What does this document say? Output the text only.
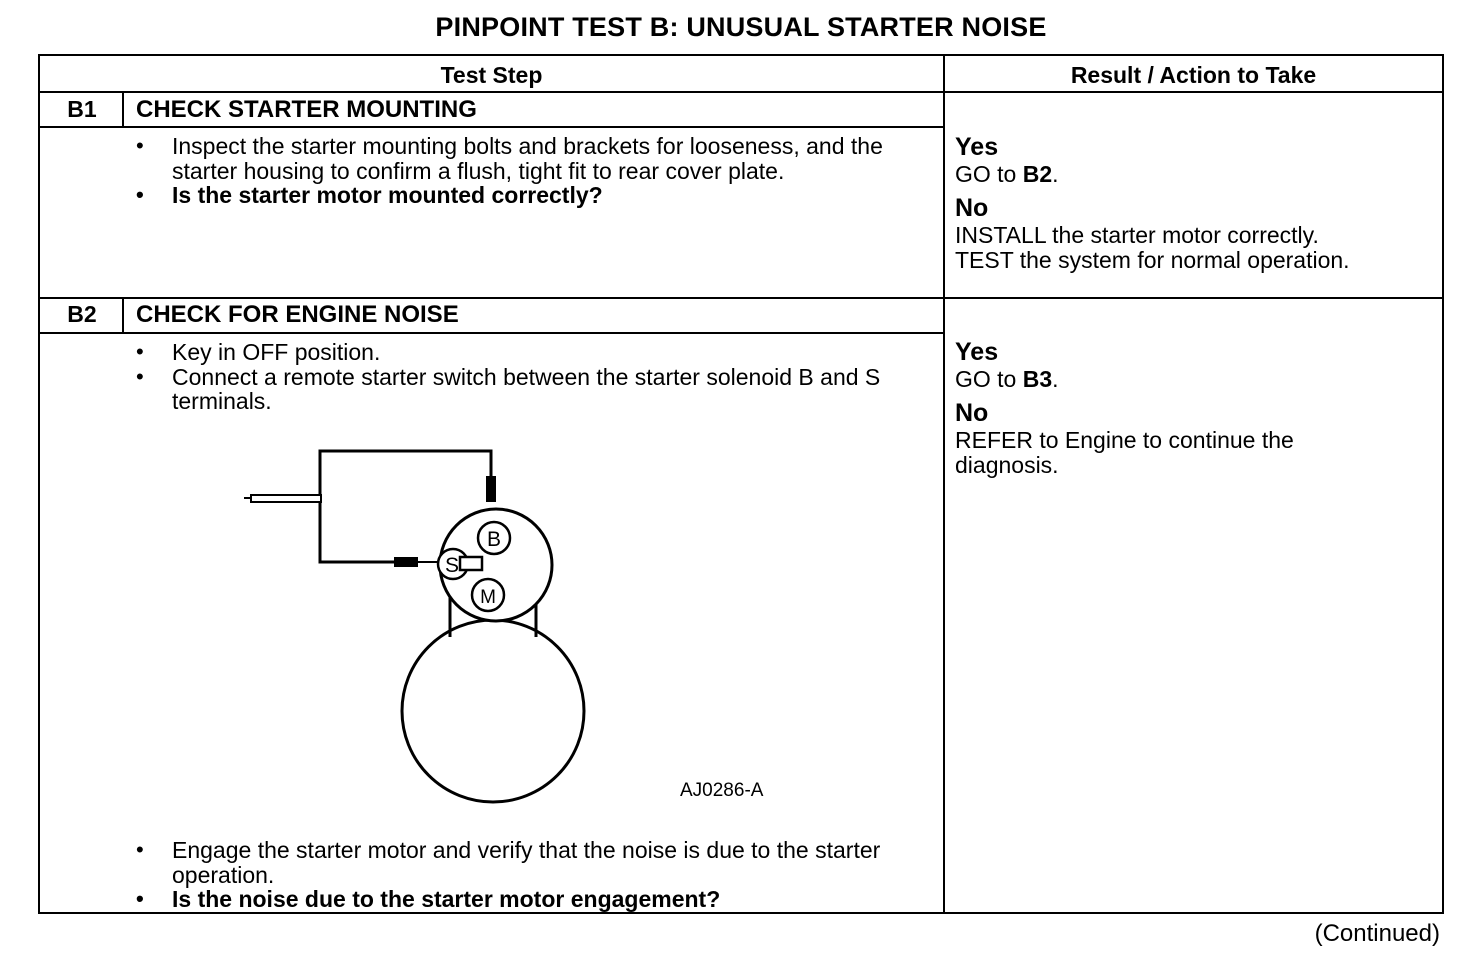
PINPOINT TEST B: UNUSUAL STARTER NOISE
Test Step	Result / Action to Take
B1	CHECK STARTER MOUNTING
• Inspect the starter mounting bolts and brackets for looseness, and the starter housing to confirm a flush, tight fit to rear cover plate.
• Is the starter motor mounted correctly?
Yes
GO to B2.
No
INSTALL the starter motor correctly.
TEST the system for normal operation.
B2	CHECK FOR ENGINE NOISE
• Key in OFF position.
• Connect a remote starter switch between the starter solenoid B and S terminals.
• Engage the starter motor and verify that the noise is due to the starter operation.
• Is the noise due to the starter motor engagement?
Yes
GO to B3.
No
REFER to Engine to continue the diagnosis.
B
S
M
AJ0286-A
(Continued)
